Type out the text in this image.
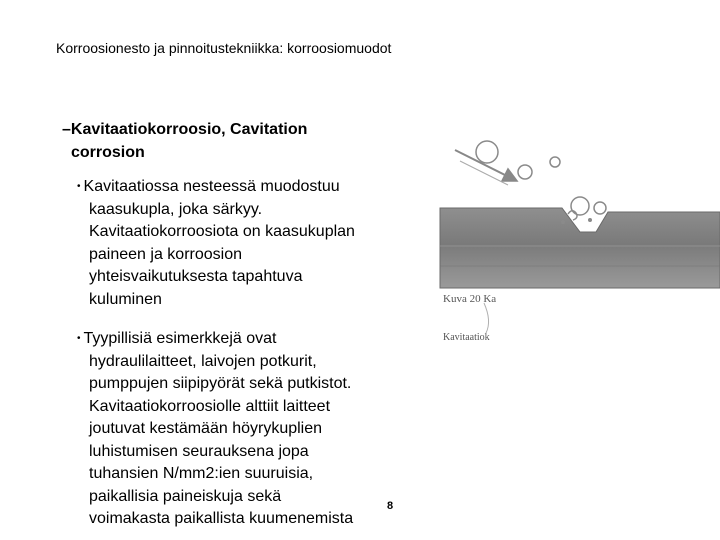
Korroosionesto ja pinnoitustekniikka: korroosiomuodot
–Kavitaatiokorroosio, Cavitation
corrosion
• Kavitaatiossa nesteessä muodostuu
kaasukupla, joka särkyy.
Kavitaatiokorroosiota on kaasukuplan
paineen ja korroosion
yhteisvaikutuksesta tapahtuva
kuluminen
• Tyypillisiä esimerkkejä ovat
hydraulilaitteet, laivojen potkurit,
pumppujen siipipyörät sekä putkistot.
Kavitaatiokorroosiolle alttiit laitteet
joutuvat kestämään höyrykuplien
luhistumisen seurauksena jopa
tuhansien N/mm2:ien suuruisia,
paikallisia paineiskuja sekä
voimakasta paikallista kuumenemista
8
Kuva 20 Ka
Kavitaatiok
